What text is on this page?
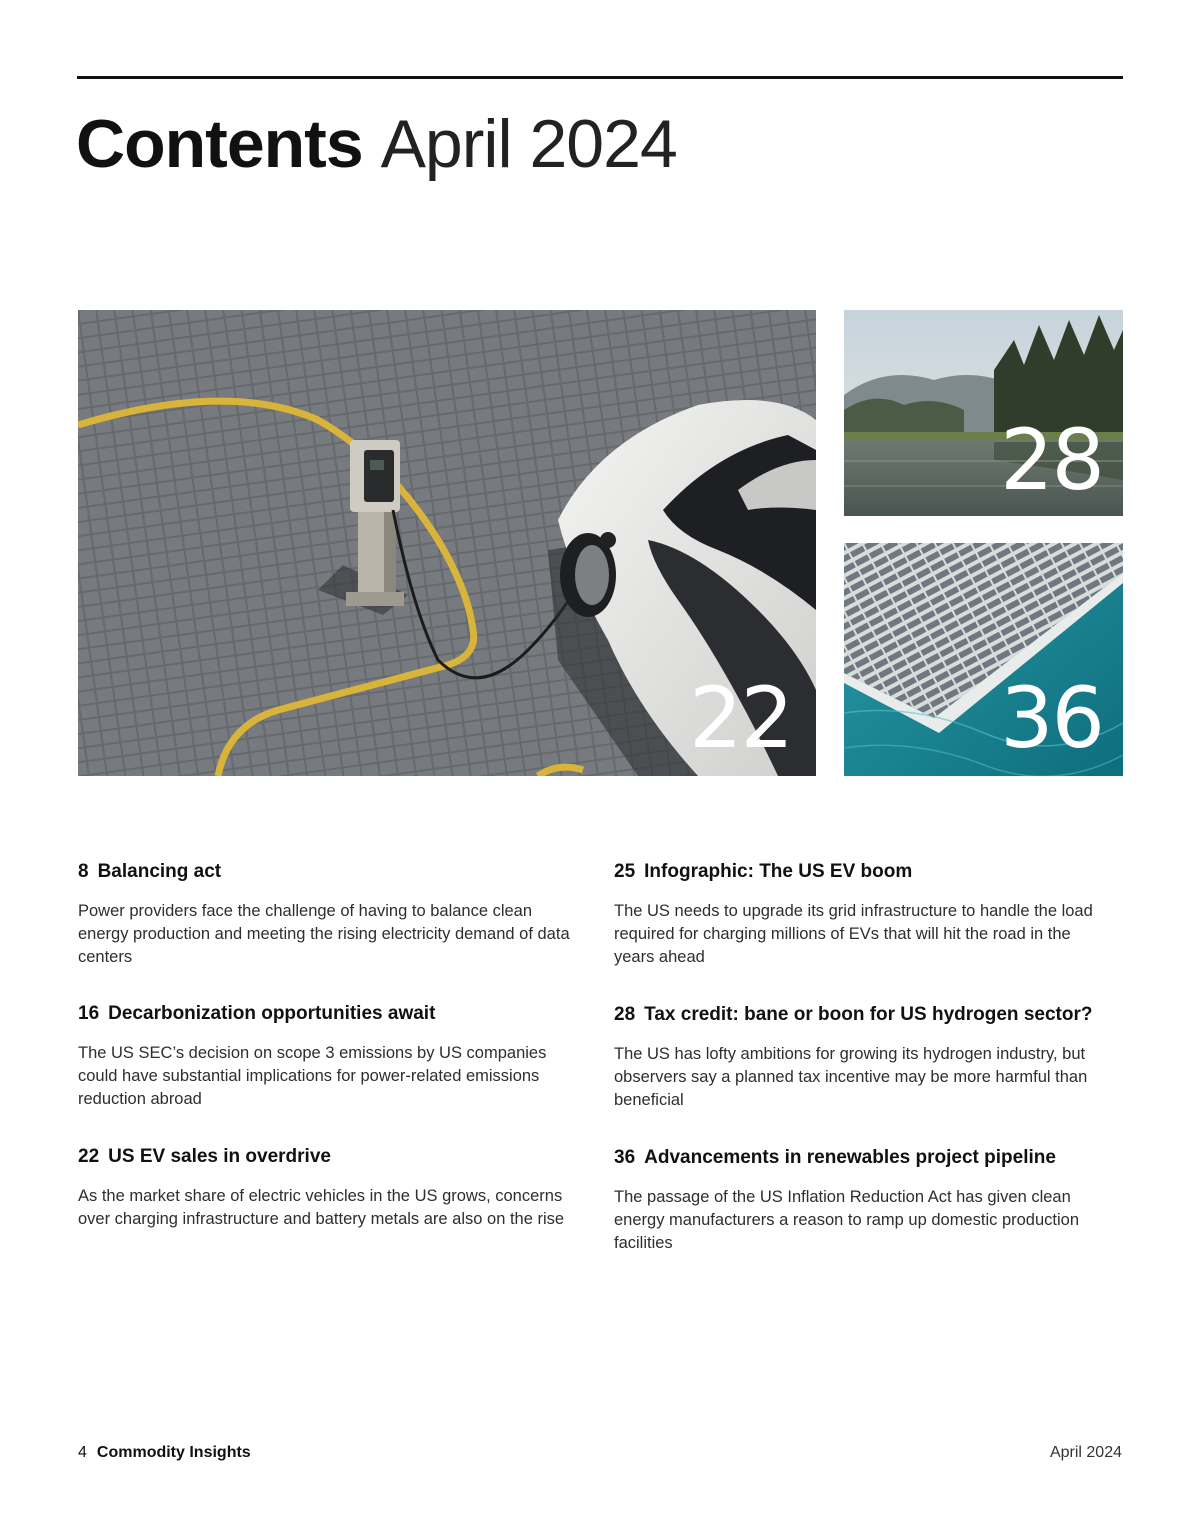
Contents April 2024
22
28
36
8 Balancing act
Power providers face the challenge of having to balance clean energy production and meeting the rising electricity demand of data centers
16 Decarbonization opportunities await
The US SEC’s decision on scope 3 emissions by US companies could have substantial implications for power-related emissions reduction abroad
22 US EV sales in overdrive
As the market share of electric vehicles in the US grows, concerns over charging infrastructure and battery metals are also on the rise
25 Infographic: The US EV boom
The US needs to upgrade its grid infrastructure to handle the load required for charging millions of EVs that will hit the road in the years ahead
28 Tax credit: bane or boon for US hydrogen sector?
The US has lofty ambitions for growing its hydrogen industry, but observers say a planned tax incentive may be more harmful than beneficial
36 Advancements in renewables project pipeline
The passage of the US Inflation Reduction Act has given clean energy manufacturers a reason to ramp up domestic production facilities
4 Commodity Insights	April 2024
